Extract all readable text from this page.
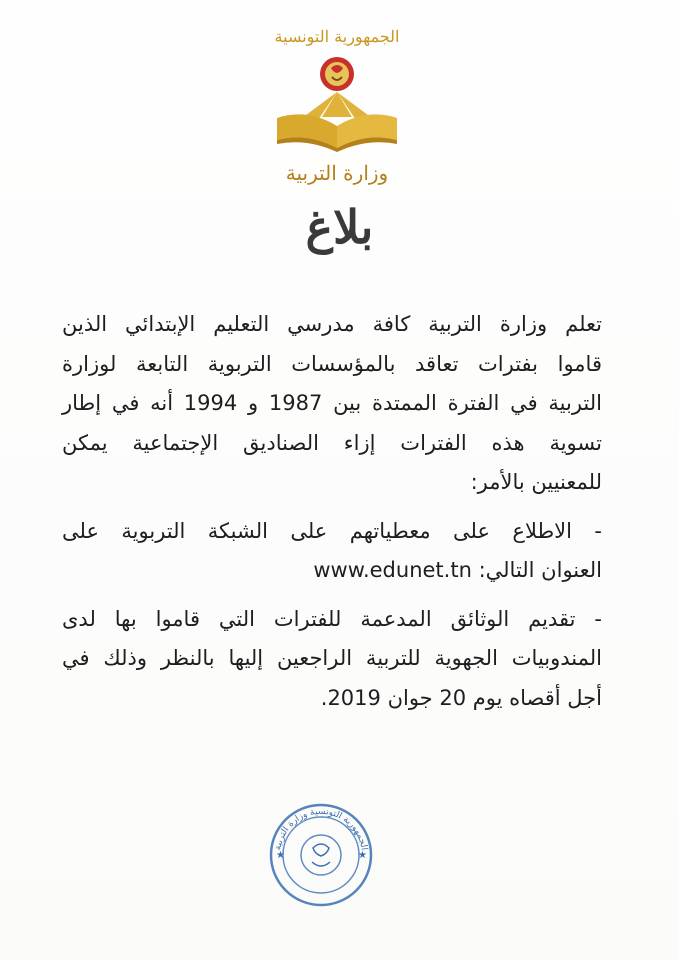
الجمهورية التونسية
وزارة التربية
بلاغ

تعلم وزارة التربية كافة مدرسي التعليم الإبتدائي الذين
قاموا بفترات تعاقد بالمؤسسات التربوية التابعة لوزارة
التربية في الفترة الممتدة بين 1987 و 1994 أنه في إطار
تسوية هذه الفترات إزاء الصناديق الإجتماعية يمكن
للمعنيين بالأمر:

- الاطلاع على معطياتهم على الشبكة التربوية على
العنوان التالي: www.edunet.tn

- تقديم الوثائق المدعمة للفترات التي قاموا بها لدى
المندوبيات الجهوية للتربية الراجعين إليها بالنظر وذلك في
أجل أقصاه يوم 20 جوان 2019.

★	★
الجمهورية التونسية وزارة التربية
